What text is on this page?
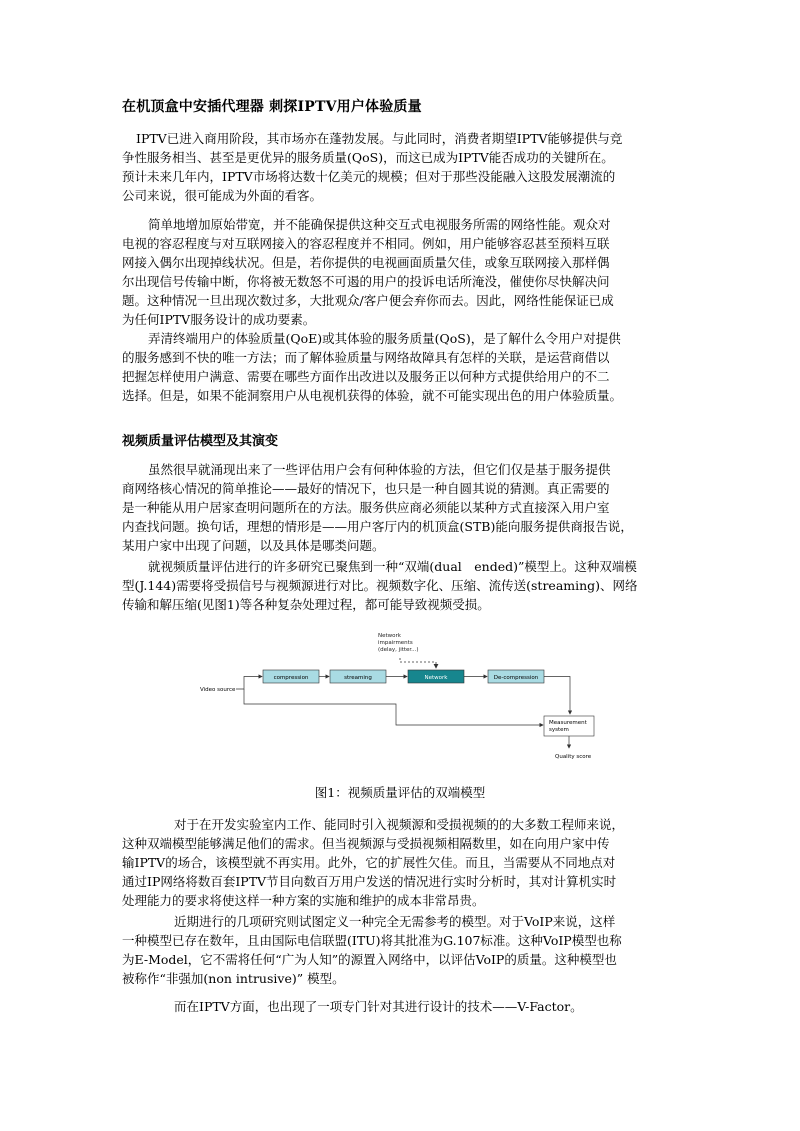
在机顶盒中安插代理器 刺探IPTV用户体验质量

IPTV已进入商用阶段，其市场亦在蓬勃发展。与此同时，消费者期望IPTV能够提供与竞
争性服务相当、甚至是更优异的服务质量(QoS)，而这已成为IPTV能否成功的关键所在。
预计未来几年内，IPTV市场将达数十亿美元的规模；但对于那些没能融入这股发展潮流的
公司来说，很可能成为外面的看客。

简单地增加原始带宽，并不能确保提供这种交互式电视服务所需的网络性能。观众对
电视的容忍程度与对互联网接入的容忍程度并不相同。例如，用户能够容忍甚至预料互联
网接入偶尔出现掉线状况。但是，若你提供的电视画面质量欠佳，或象互联网接入那样偶
尔出现信号传输中断，你将被无数怒不可遏的用户的投诉电话所淹没，催使你尽快解决问
题。这种情况一旦出现次数过多，大批观众/客户便会弃你而去。因此，网络性能保证已成
为任何IPTV服务设计的成功要素。

弄清终端用户的体验质量(QoE)或其体验的服务质量(QoS)，是了解什么令用户对提供
的服务感到不快的唯一方法；而了解体验质量与网络故障具有怎样的关联，是运营商借以
把握怎样使用户满意、需要在哪些方面作出改进以及服务正以何种方式提供给用户的不二
选择。但是，如果不能洞察用户从电视机获得的体验，就不可能实现出色的用户体验质量。

视频质量评估模型及其演变

虽然很早就涌现出来了一些评估用户会有何种体验的方法，但它们仅是基于服务提供
商网络核心情况的简单推论——最好的情况下，也只是一种自圆其说的猜测。真正需要的
是一种能从用户居家查明问题所在的方法。服务供应商必须能以某种方式直接深入用户室
内查找问题。换句话，理想的情形是——用户客厅内的机顶盒(STB)能向服务提供商报告说，
某用户家中出现了问题，以及具体是哪类问题。

就视频质量评估进行的许多研究已聚焦到一种“双端(dual　ended)”模型上。这种双端模
型(J.144)需要将受损信号与视频源进行对比。视频数字化、压缩、流传送(streaming)、网络
传输和解压缩(见图1)等各种复杂处理过程，都可能导致视频受损。

Network
impairments
(delay, jitter...)
compression	streaming	Network	De-compression
Video source
Measurement
system
Quality score
图1：视频质量评估的双端模型

对于在开发实验室内工作、能同时引入视频源和受损视频的的大多数工程师来说，
这种双端模型能够满足他们的需求。但当视频源与受损视频相隔数里，如在向用户家中传
输IPTV的场合，该模型就不再实用。此外，它的扩展性欠佳。而且，当需要从不同地点对
通过IP网络将数百套IPTV节目向数百万用户发送的情况进行实时分析时，其对计算机实时
处理能力的要求将使这样一种方案的实施和维护的成本非常昂贵。

近期进行的几项研究则试图定义一种完全无需参考的模型。对于VoIP来说，这样
一种模型已存在数年，且由国际电信联盟(ITU)将其批准为G.107标准。这种VoIP模型也称
为E-Model，它不需将任何“广为人知”的源置入网络中，以评估VoIP的质量。这种模型也
被称作“非强加(non intrusive)” 模型。

而在IPTV方面，也出现了一项专门针对其进行设计的技术——V-Factor。
